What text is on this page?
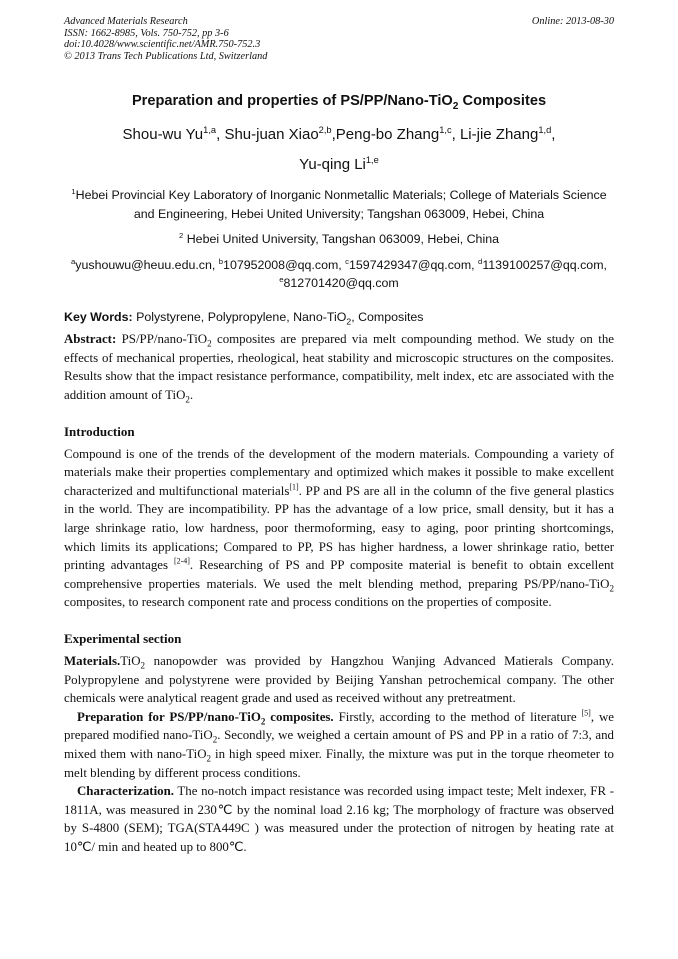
Advanced Materials Research
ISSN: 1662-8985, Vols. 750-752, pp 3-6
doi:10.4028/www.scientific.net/AMR.750-752.3
© 2013 Trans Tech Publications Ltd, Switzerland
Online: 2013-08-30
Preparation and properties of PS/PP/Nano-TiO$_2$ Composites
Shou-wu Yu$^{1,a}$, Shu-juan Xiao$^{2,b}$,Peng-bo Zhang$^{1,c}$, Li-jie Zhang$^{1,d}$,
Yu-qing Li$^{1,e}$
$^1$Hebei Provincial Key Laboratory of Inorganic Nonmetallic Materials; College of Materials Science
and Engineering, Hebei United University; Tangshan 063009, Hebei, China
$^2$ Hebei United University, Tangshan 063009, Hebei, China
$^a$yushouwu@heuu.edu.cn, $^b$107952008@qq.com, $^c$1597429347@qq.com, $^d$1139100257@qq.com,
$^e$812701420@qq.com
Key Words: Polystyrene, Polypropylene, Nano-TiO$_2$, Composites
Abstract: PS/PP/nano-TiO$_2$ composites are prepared via melt compounding method. We study on the effects of mechanical properties, rheological, heat stability and microscopic structures on the composites. Results show that the impact resistance performance, compatibility, melt index, etc are associated with the addition amount of TiO$_2$.
Introduction
Compound is one of the trends of the development of the modern materials. Compounding a variety of materials make their properties complementary and optimized which makes it possible to make excellent characterized and multifunctional materials[1]. PP and PS are all in the column of the five general plastics in the world. They are incompatibility. PP has the advantage of a low price, small density, but it has a large shrinkage ratio, low hardness, poor thermoforming, easy to aging, poor printing shortcomings, which limits its applications; Compared to PP, PS has higher hardness, a lower shrinkage ratio, better printing advantages [2-4]. Researching of PS and PP composite material is benefit to obtain excellent comprehensive properties materials. We used the melt blending method, preparing PS/PP/nano-TiO$_2$ composites, to research component rate and process conditions on the properties of composite.
Experimental section
Materials.TiO$_2$ nanopowder was provided by Hangzhou Wanjing Advanced Matierals Company. Polypropylene and polystyrene were provided by Beijing Yanshan petrochemical company. The other chemicals were analytical reagent grade and used as received without any pretreatment.
Preparation for PS/PP/nano-TiO$_2$ composites. Firstly, according to the method of literature [5], we prepared modified nano-TiO$_2$. Secondly, we weighed a certain amount of PS and PP in a ratio of 7:3, and mixed them with nano-TiO$_2$ in high speed mixer. Finally, the mixture was put in the torque rheometer to melt blending by different process conditions.
Characterization. The no-notch impact resistance was recorded using impact teste; Melt indexer, FR - 1811A, was measured in 230℃ by the nominal load 2.16 kg; The morphology of fracture was observed by S-4800 (SEM); TGA(STA449C ) was measured under the protection of nitrogen by heating rate at 10℃/ min and heated up to 800℃.
